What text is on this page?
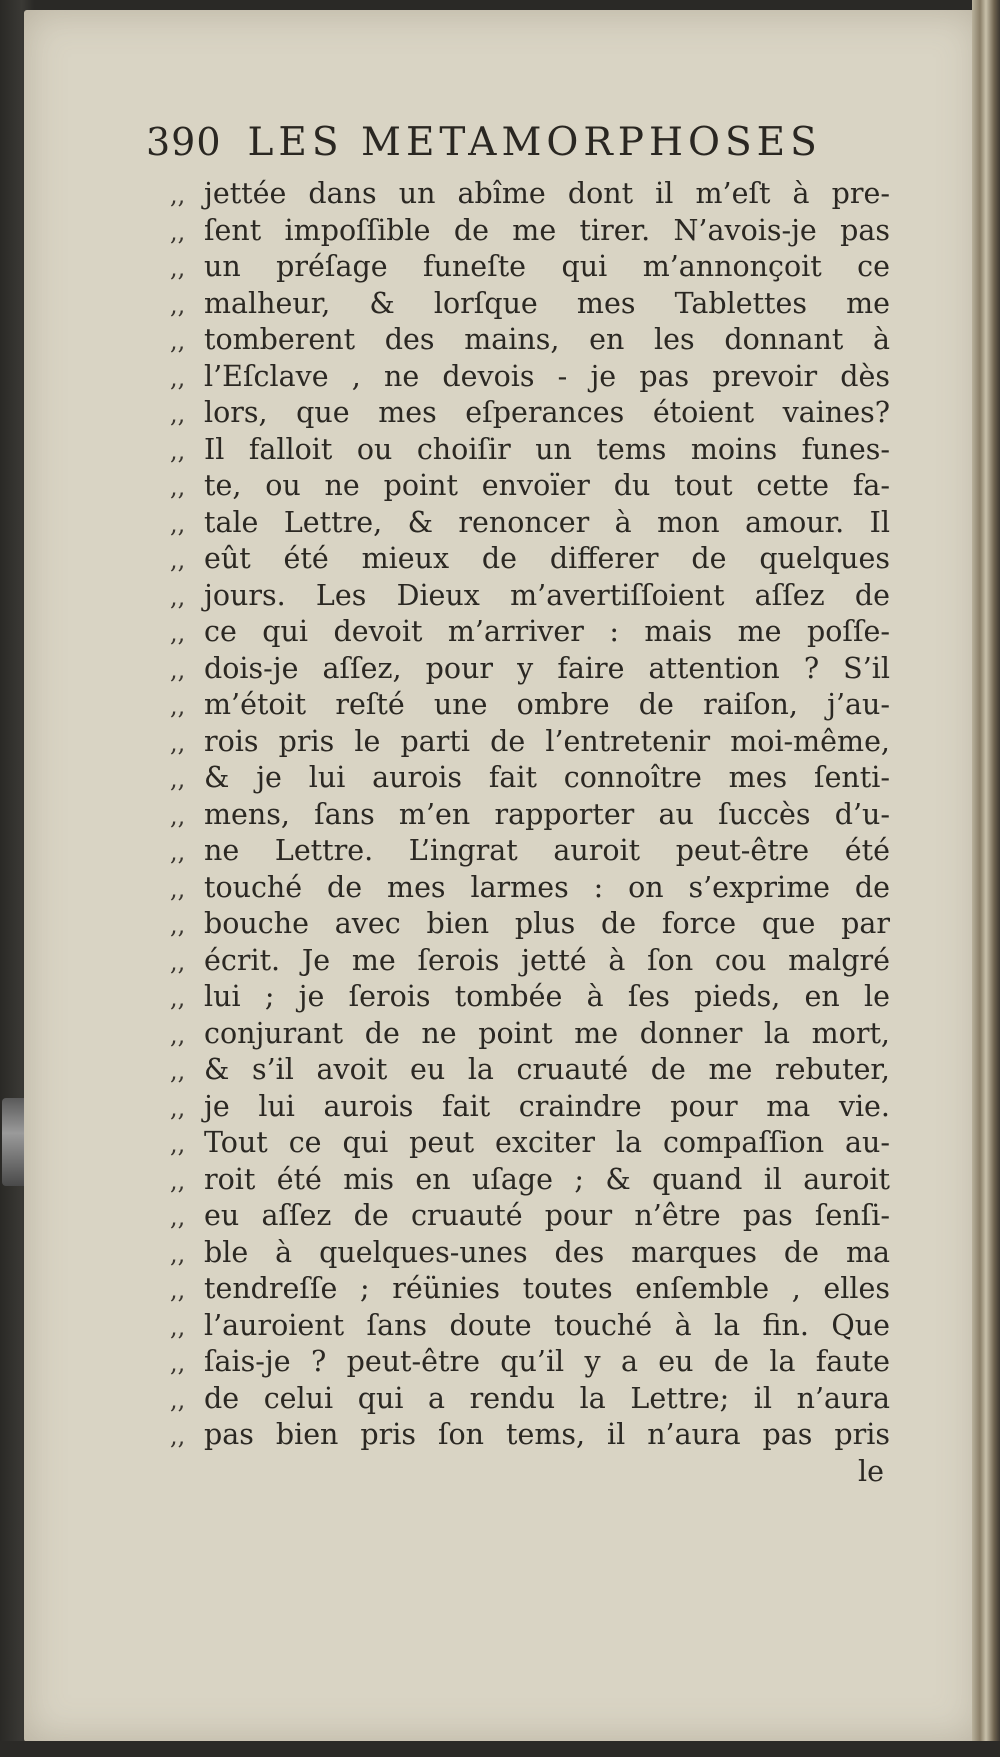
390 LES METAMORPHOSES
,, jettée dans un abîme dont il m’eſt à pre-
,, ſent impoſſible de me tirer. N’avois-je pas
,, un préſage funeſte qui m’annonçoit ce
,, malheur, & lorſque mes Tablettes me
,, tomberent des mains, en les donnant à
,, l’Eſclave , ne devois - je pas prevoir dès
,, lors, que mes eſperances étoient vaines?
,, Il falloit ou choiſir un tems moins funes-
,, te, ou ne point envoïer du tout cette fa-
,, tale Lettre, & renoncer à mon amour. Il
,, eût été mieux de differer de quelques
,, jours. Les Dieux m’avertiſſoient aſſez de
,, ce qui devoit m’arriver : mais me poſſe-
,, dois-je aſſez, pour y faire attention ? S’il
,, m’étoit reſté une ombre de raiſon, j’au-
,, rois pris le parti de l’entretenir moi-même,
,, & je lui aurois fait connoître mes ſenti-
,, mens, ſans m’en rapporter au ſuccès d’u-
,, ne Lettre. L’ingrat auroit peut-être été
,, touché de mes larmes : on s’exprime de
,, bouche avec bien plus de force que par
,, écrit. Je me ſerois jetté à ſon cou malgré
,, lui ; je ſerois tombée à ſes pieds, en le
,, conjurant de ne point me donner la mort,
,, & s’il avoit eu la cruauté de me rebuter,
,, je lui aurois fait craindre pour ma vie.
,, Tout ce qui peut exciter la compaſſion au-
,, roit été mis en uſage ; & quand il auroit
,, eu aſſez de cruauté pour n’être pas ſenſi-
,, ble à quelques-unes des marques de ma
,, tendreſſe ; réünies toutes enſemble , elles
,, l’auroient ſans doute touché à la fin. Que
,, ſais-je ? peut-être qu’il y a eu de la faute
,, de celui qui a rendu la Lettre; il n’aura
,, pas bien pris ſon tems, il n’aura pas pris
le
